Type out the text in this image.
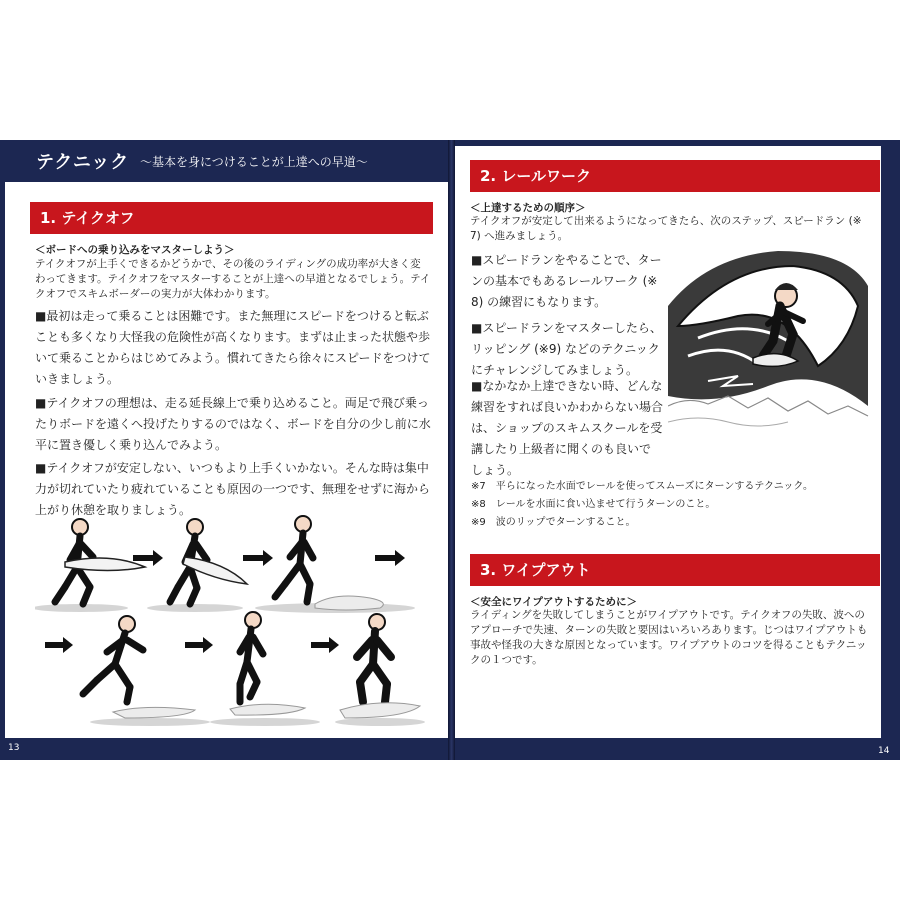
テクニック ～基本を身につけることが上達への早道～
1. テイクオフ
＜ボードへの乗り込みをマスターしよう＞
テイクオフが上手くできるかどうかで、その後のライディングの成功率が大きく変
わってきます。テイクオフをマスターすることが上達への早道となるでしょう。テイ
クオフでスキムボーダーの実力が大体わかります。
■最初は走って乗ることは困難です。また無理にスピードをつけると転ぶ
ことも多くなり大怪我の危険性が高くなります。まずは止まった状態や歩
いて乗ることからはじめてみよう。慣れてきたら徐々にスピードをつけて
いきましょう。
■テイクオフの理想は、走る延長線上で乗り込めること。両足で飛び乗っ
たりボードを遠くへ投げたりするのではなく、ボードを自分の少し前に水
平に置き優しく乗り込んでみよう。
■テイクオフが安定しない、いつもより上手くいかない。そんな時は集中
力が切れていたり疲れていることも原因の一つです、無理をせずに海から
上がり休憩を取りましょう。
13
2. レールワーク
＜上達するための順序＞
テイクオフが安定して出来るようになってきたら、次のステップ、スピードラン (※
7) へ進みましょう。
■スピードランをやることで、ター
ンの基本でもあるレールワーク (※
8) の練習にもなります。
■スピードランをマスターしたら、
リッピング (※9) などのテクニック
にチャレンジしてみましょう。
■なかなか上達できない時、どんな
練習をすれば良いかわからない場合
は、ショップのスキムスクールを受
講したり上級者に聞くのも良いで
しょう。
※7　平らになった水面でレールを使ってスムーズにターンするテクニック。
※8　レールを水面に食い込ませて行うターンのこと。
※9　波のリップでターンすること。
3. ワイプアウト
＜安全にワイプアウトするために＞
ライディングを失敗してしまうことがワイプアウトです。テイクオフの失敗、波への
アプローチで失速、ターンの失敗と要因はいろいろあります。じつはワイプアウトも
事故や怪我の大きな原因となっています。ワイプアウトのコツを得ることもテクニッ
クの１つです。
14
